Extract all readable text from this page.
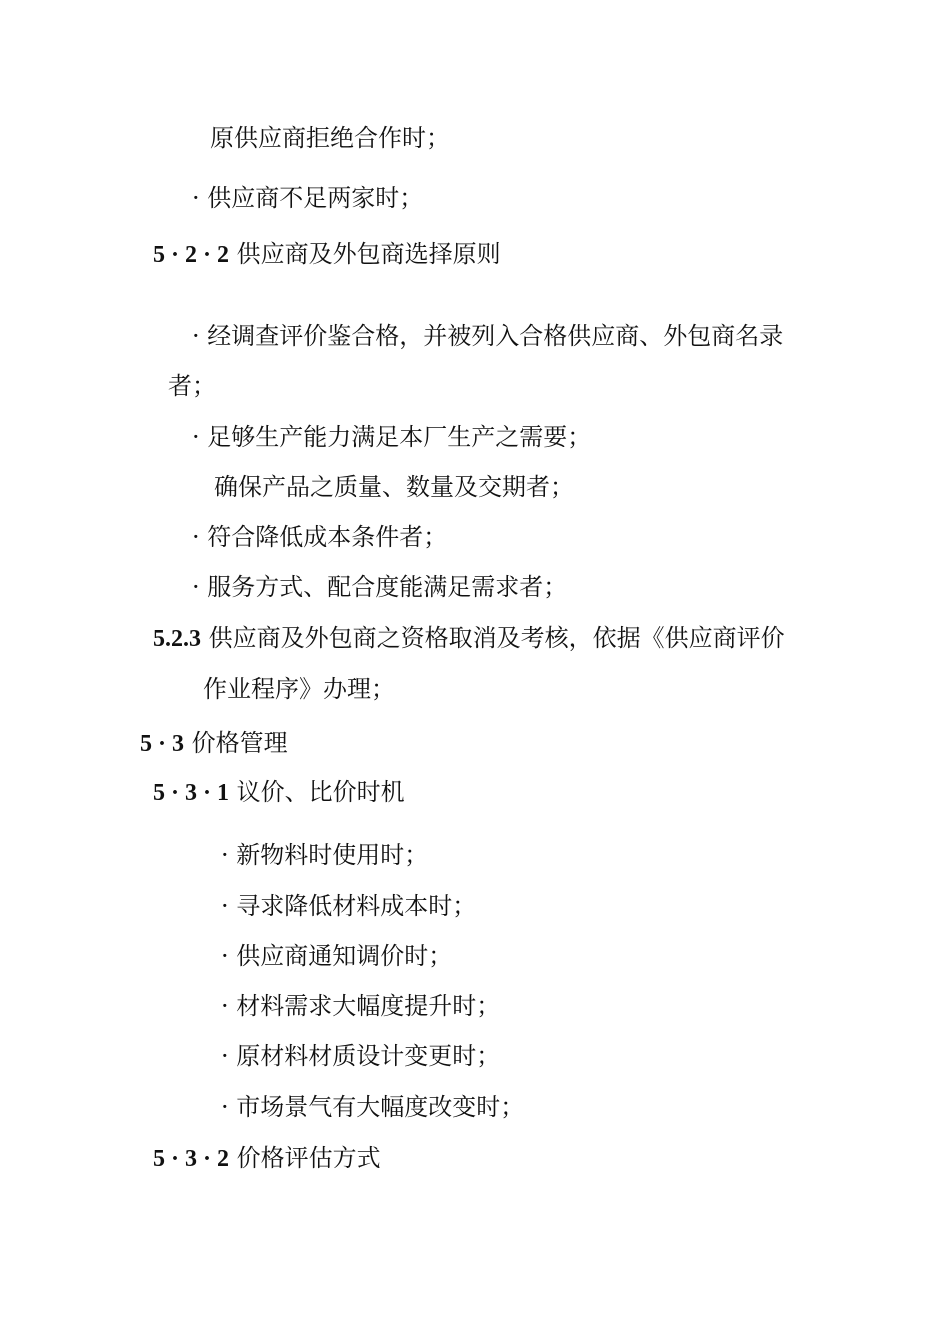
原供应商拒绝合作时；
· 供应商不足两家时；
5 · 2 · 2 供应商及外包商选择原则
· 经调查评价鉴合格，并被列入合格供应商、外包商名录
者；
· 足够生产能力满足本厂生产之需要；
确保产品之质量、数量及交期者；
· 符合降低成本条件者；
· 服务方式、配合度能满足需求者；
5.2.3 供应商及外包商之资格取消及考核，依据《供应商评价
作业程序》办理；
5 · 3 价格管理
5 · 3 · 1 议价、比价时机
· 新物料时使用时；
· 寻求降低材料成本时；
· 供应商通知调价时；
· 材料需求大幅度提升时；
· 原材料材质设计变更时；
· 市场景气有大幅度改变时；
5 · 3 · 2 价格评估方式
